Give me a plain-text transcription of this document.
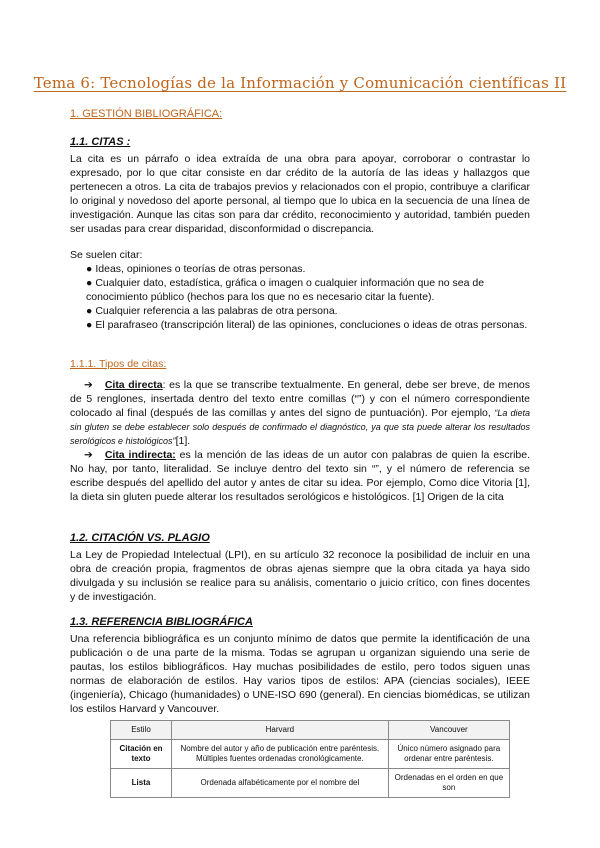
Tema 6: Tecnologías de la Información y Comunicación científicas II
1. GESTIÓN BIBLIOGRÁFICA:
1.1. CITAS :

La cita es un párrafo o idea extraída de una obra para apoyar, corroborar o contrastar lo expresado, por lo que citar consiste en dar crédito de la autoría de las ideas y hallazgos que pertenecen a otros. La cita de trabajos previos y relacionados con el propio, contribuye a clarificar lo original y novedoso del aporte personal, al tiempo que lo ubica en la secuencia de una línea de investigación. Aunque las citas son para dar crédito, reconocimiento y autoridad, también pueden ser usadas para crear disparidad, disconformidad o discrepancia.

Se suelen citar:

● Ideas, opiniones o teorías de otras personas.
● Cualquier dato, estadística, gráfica o imagen o cualquier información que no sea de conocimiento público (hechos para los que no es necesario citar la fuente).
● Cualquier referencia a las palabras de otra persona.
● El parafraseo (transcripción literal) de las opiniones, concluciones o ideas de otras personas.
1.1.1. Tipos de citas:
➔ Cita directa: es la que se transcribe textualmente. En general, debe ser breve, de menos de 5 renglones, insertada dentro del texto entre comillas (“”) y con el número correspondiente colocado al final (después de las comillas y antes del signo de puntuación). Por ejemplo, “La dieta sin gluten se debe establecer solo después de confirmado el diagnóstico, ya que sta puede alterar los resultados serológicos e histológicos”[1].
➔ Cita indirecta: es la mención de las ideas de un autor con palabras de quien la escribe. No hay, por tanto, literalidad. Se incluye dentro del texto sin “”, y el número de referencia se escribe después del apellido del autor y antes de citar su idea. Por ejemplo, Como dice Vitoria [1], la dieta sin gluten puede alterar los resultados serológicos e histológicos. [1] Origen de la cita
1.2. CITACIÓN VS. PLAGIO

La Ley de Propiedad Intelectual (LPI), en su artículo 32 reconoce la posibilidad de incluir en una obra de creación propia, fragmentos de obras ajenas siempre que la obra citada ya haya sido divulgada y su inclusión se realice para su análisis, comentario o juicio crítico, con fines docentes y de investigación.

1.3. REFERENCIA BIBLIOGRÁFICA

Una referencia bibliográfica es un conjunto mínimo de datos que permite la identificación de una publicación o de una parte de la misma. Todas se agrupan u organizan siguiendo una serie de pautas, los estilos bibliográficos. Hay muchas posibilidades de estilo, pero todos siguen unas normas de elaboración de estilos. Hay varios tipos de estilos: APA (ciencias sociales), IEEE (ingeniería), Chicago (humanidades) o UNE-ISO 690 (general). En ciencias biomédicas, se utilizan los estilos Harvard y Vancouver.

Estilo	Harvard	Vancouver
Citación en texto	Nombre del autor y año de publicación entre paréntesis. Múltiples fuentes ordenadas cronológicamente.	Único número asignado para ordenar entre paréntesis.
Lista	Ordenada alfabéticamente por el nombre del	Ordenadas en el orden en que son
